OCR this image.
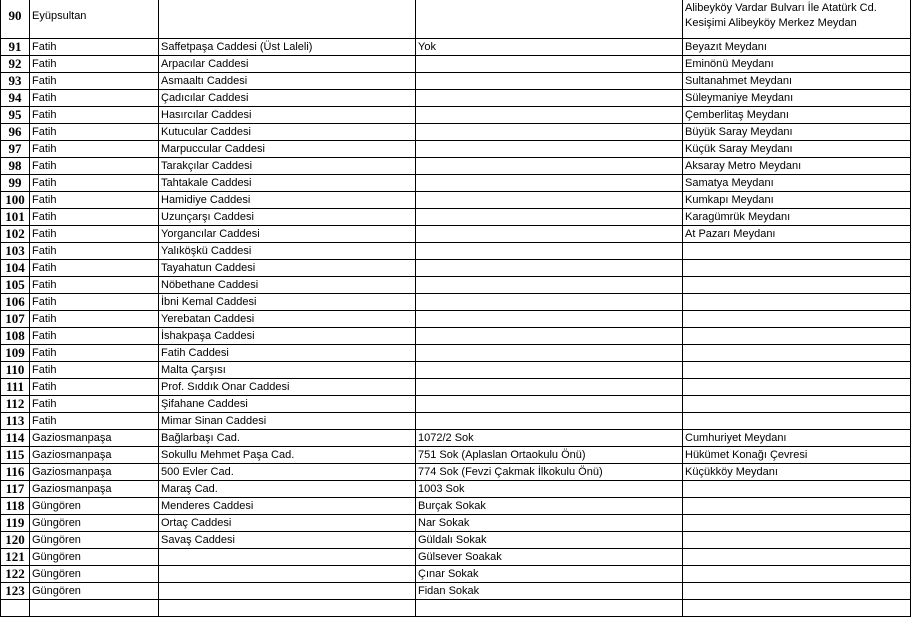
90	Eyüpsultan			Alibeyköy Vardar Bulvarı İle Atatürk Cd. Kesişimi Alibeyköy Merkez Meydan
91	Fatih	Saffetpaşa Caddesi (Üst Laleli)	Yok	Beyazıt Meydanı
92	Fatih	Arpacılar Caddesi		Eminönü Meydanı
93	Fatih	Asmaaltı Caddesi		Sultanahmet Meydanı
94	Fatih	Çadıcılar Caddesi		Süleymaniye Meydanı
95	Fatih	Hasırcılar Caddesi		Çemberlitaş Meydanı
96	Fatih	Kutucular Caddesi		Büyük Saray Meydanı
97	Fatih	Marpuccular Caddesi		Küçük Saray Meydanı
98	Fatih	Tarakçılar Caddesi		Aksaray Metro Meydanı
99	Fatih	Tahtakale Caddesi		Samatya Meydanı
100	Fatih	Hamidiye Caddesi		Kumkapı Meydanı
101	Fatih	Uzunçarşı Caddesi		Karagümrük Meydanı
102	Fatih	Yorgancılar Caddesi		At Pazarı Meydanı
103	Fatih	Yalıköşkü Caddesi		
104	Fatih	Tayahatun Caddesi		
105	Fatih	Nöbethane Caddesi		
106	Fatih	İbni Kemal Caddesi		
107	Fatih	Yerebatan Caddesi		
108	Fatih	İshakpaşa Caddesi		
109	Fatih	Fatih Caddesi		
110	Fatih	Malta Çarşısı		
111	Fatih	Prof. Sıddık Onar Caddesi		
112	Fatih	Şifahane Caddesi		
113	Fatih	Mimar Sinan Caddesi		
114	Gaziosmanpaşa	Bağlarbaşı Cad.	1072/2 Sok	Cumhuriyet Meydanı
115	Gaziosmanpaşa	Sokullu Mehmet Paşa Cad.	751 Sok (Aplaslan Ortaokulu Önü)	Hükümet Konağı Çevresi
116	Gaziosmanpaşa	500 Evler Cad.	774 Sok (Fevzi Çakmak İlkokulu Önü)	Küçükköy Meydanı
117	Gaziosmanpaşa	Maraş Cad.	1003 Sok	
118	Güngören	Menderes Caddesi	Burçak Sokak	
119	Güngören	Ortaç Caddesi	Nar Sokak	
120	Güngören	Savaş Caddesi	Güldalı Sokak	
121	Güngören		Gülsever Soakak	
122	Güngören		Çınar Sokak	
123	Güngören		Fidan Sokak	
